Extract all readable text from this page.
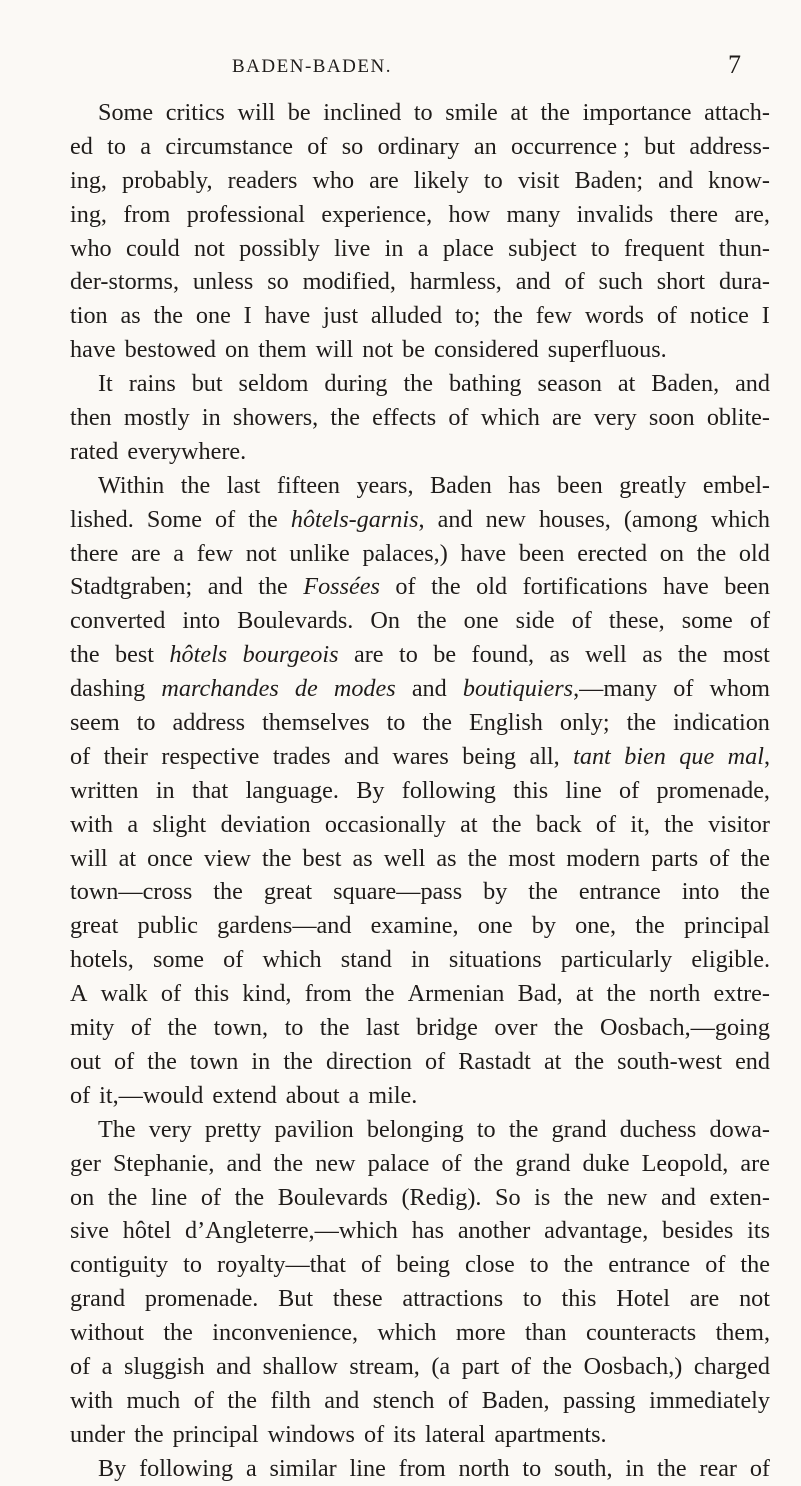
BADEN-BADEN.	7
Some critics will be inclined to smile at the importance attach-
ed to a circumstance of so ordinary an occurrence ; but address-
ing, probably, readers who are likely to visit Baden; and know-
ing, from professional experience, how many invalids there are,
who could not possibly live in a place subject to frequent thun-
der-storms, unless so modified, harmless, and of such short dura-
tion as the one I have just alluded to; the few words of notice I
have bestowed on them will not be considered superfluous.
It rains but seldom during the bathing season at Baden, and
then mostly in showers, the effects of which are very soon oblite-
rated everywhere.
Within the last fifteen years, Baden has been greatly embel-
lished. Some of the hôtels-garnis, and new houses, (among which
there are a few not unlike palaces,) have been erected on the old
Stadtgraben; and the Fossées of the old fortifications have been
converted into Boulevards. On the one side of these, some of
the best hôtels bourgeois are to be found, as well as the most
dashing marchandes de modes and boutiquiers,—many of whom
seem to address themselves to the English only; the indication
of their respective trades and wares being all, tant bien que mal,
written in that language. By following this line of promenade,
with a slight deviation occasionally at the back of it, the visitor
will at once view the best as well as the most modern parts of the
town—cross the great square—pass by the entrance into the
great public gardens—and examine, one by one, the principal
hotels, some of which stand in situations particularly eligible.
A walk of this kind, from the Armenian Bad, at the north extre-
mity of the town, to the last bridge over the Oosbach,—going
out of the town in the direction of Rastadt at the south-west end
of it,—would extend about a mile.
The very pretty pavilion belonging to the grand duchess dowa-
ger Stephanie, and the new palace of the grand duke Leopold, are
on the line of the Boulevards (Redig). So is the new and exten-
sive hôtel d’Angleterre,—which has another advantage, besides its
contiguity to royalty—that of being close to the entrance of the
grand promenade. But these attractions to this Hotel are not
without the inconvenience, which more than counteracts them,
of a sluggish and shallow stream, (a part of the Oosbach,) charged
with much of the filth and stench of Baden, passing immediately
under the principal windows of its lateral apartments.
By following a similar line from north to south, in the rear of
